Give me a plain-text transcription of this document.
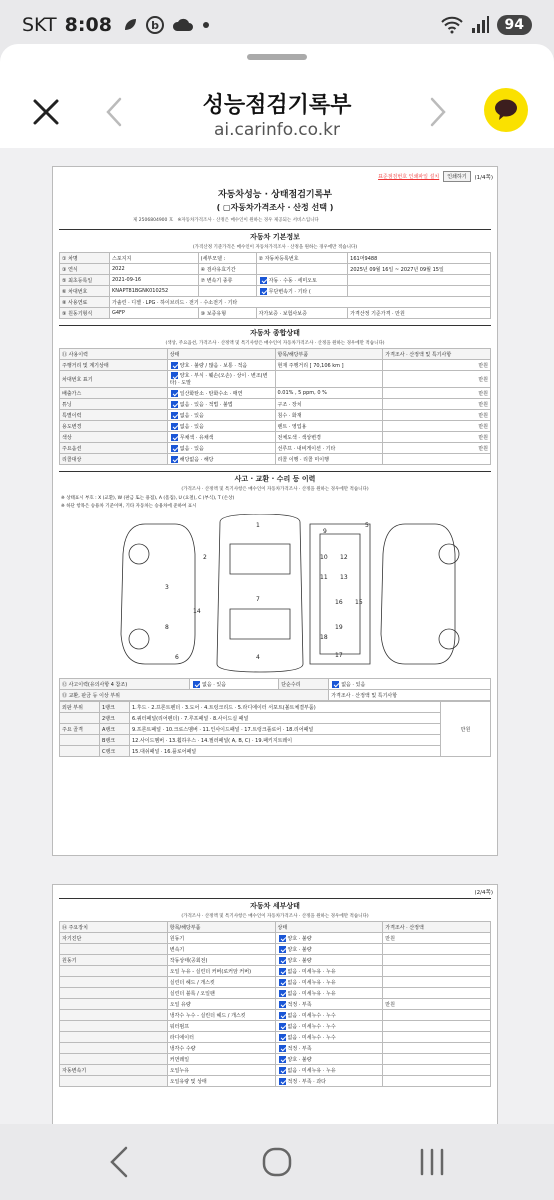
SKT 8:08	b	94
성능점검기록부
ai.carinfo.co.kr
표준점검번호 인쇄파일 설치	인쇄하기	(1/4쪽)
자동차성능 · 상태점검기록부
( ▢자동차가격조사 · 산정 선택 )
제 2506804900 호 ※자동차가격조사 · 산정은 매수인이 원하는 경우 제공되는 서비스입니다
자동차 기본정보
(가격산정 기준가격은 매수인이 자동차가격조사 · 산정을 원하는 경우에만 적습니다)
① 차명	스포지지	(세부모델 :	② 자동차등록번호	161머9488
③ 연식	2022	④ 검사유효기간		2025년 09월 16일 ~ 2027년 09월 15일
⑤ 최초등록일	2021-09-16	⑦ 변속기 종류	자동 · 수동 · 세미오토	
⑥ 차대번호	KNAPT81BGNK010252		무단변속기 · 기타 (	
⑧ 사용연료	가솔린 · 디젤 · LPG · 하이브리드 · 전기 · 수소전기 · 기타			
⑨ 원동기형식	G4FP	⑩ 보증유형	자가보증 · 보험사보증	가격산정 기준가격 · 만원
자동차 종합상태
(색상, 주요옵션, 가격조사 · 산정액 및 특기사항은 매수인이 자동차가격조사 · 산정을 원하는 경우에만 적습니다)
⑪ 사용이력	상태	항목/해당부품	가격조사 · 산정액 및 특기사항
주행거리 및 계기상태	양호 · 불량 / 많음 · 보통 · 적음	현재 주행거리 [ 70,106 km ]	만원
차대번호 표기	양호 · 부식 · 훼손(오손) · 상이 · 변조(변타) · 도말		만원
배출가스	일산화탄소 · 탄화수소 · 매연	0.01% , 5 ppm, 0 %	만원
튜닝	없음 · 있음 · 적법 · 불법	구조 · 장치	만원
특별이력	없음 · 있음	침수 · 화재	만원
용도변경	없음 · 있음	렌트 · 영업용	만원
색상	무채색 · 유채색	전체도색 · 색상변경	만원
주요옵션	없음 · 있음	선루프 · 내비게이션 · 기타	만원
리콜대상	해당없음 · 해당	리콜 이행 · 리콜 미이행	
사고 · 교환 · 수리 등 이력
(가격조사 · 산정액 및 특기사항은 매수인이 자동차가격조사 · 산정을 원하는 경우에만 적습니다)
※ 상태표시 부호 : X (교환), W (판금 또는 용접), A (흠집), U (요철), C (부식), T (손상)
※ 하단 항목은 승용차 기준이며, 기타 자동차는 승용차에 준하여 표시
1
2
3
4
5
6
7
8
9
10
11
12
13
14
15
16
17
18
19
⑫ 사고이력(유의사항 4 참조)	없음 · 있음	단순수리	없음 · 있음
⑬ 교환, 판금 등 이상 부위			가격조사 · 산정액 및 특기사항
외판 부위	1랭크	1.후드 · 2.프론트펜더 · 3.도어 · 4.트렁크리드 · 5.라디에이터 서포트(볼트체결부품)	만원
	2랭크	6.쿼터패널(리어펜더) · 7.루프패널 · 8.사이드실 패널	
주요 골격	A랭크	9.프론트패널 · 10.크로스멤버 · 11.인사이드패널 · 17.트렁크플로어 · 18.리어패널	
	B랭크	12.사이드멤버 · 13.휠하우스 · 14.필러패널( A, B, C) · 19.패키지트레이	
	C랭크	15.대쉬패널 · 16.플로어패널	
(2/4쪽)
자동차 세부상태
(가격조사 · 산정액 및 특기사항은 매수인이 자동차가격조사 · 산정을 원하는 경우에만 적습니다)
⑭ 주요장치	항목/해당부품	상태	가격조사 · 산정액
자기진단	원동기	양호 · 불량	만원
	변속기	양호 · 불량	
원동기	작동상태(공회전)	양호 · 불량	
	오일 누유 - 실린더 커버(로커암 커버)	없음 · 미세누유 · 누유	
	실린더 헤드 / 개스킷	없음 · 미세누유 · 누유	
	실린더 블록 / 오일팬	없음 · 미세누유 · 누유	
	오일 유량	적정 · 부족	만원
	냉각수 누수 - 실린더 헤드 / 개스킷	없음 · 미세누수 · 누수	
	워터펌프	없음 · 미세누수 · 누수	
	라디에이터	없음 · 미세누수 · 누수	
	냉각수 수량	적정 · 부족	
	커먼레일	양호 · 불량	
자동변속기	오일누유	없음 · 미세누유 · 누유	
	오일유량 및 상태	적정 · 부족 · 과다	
